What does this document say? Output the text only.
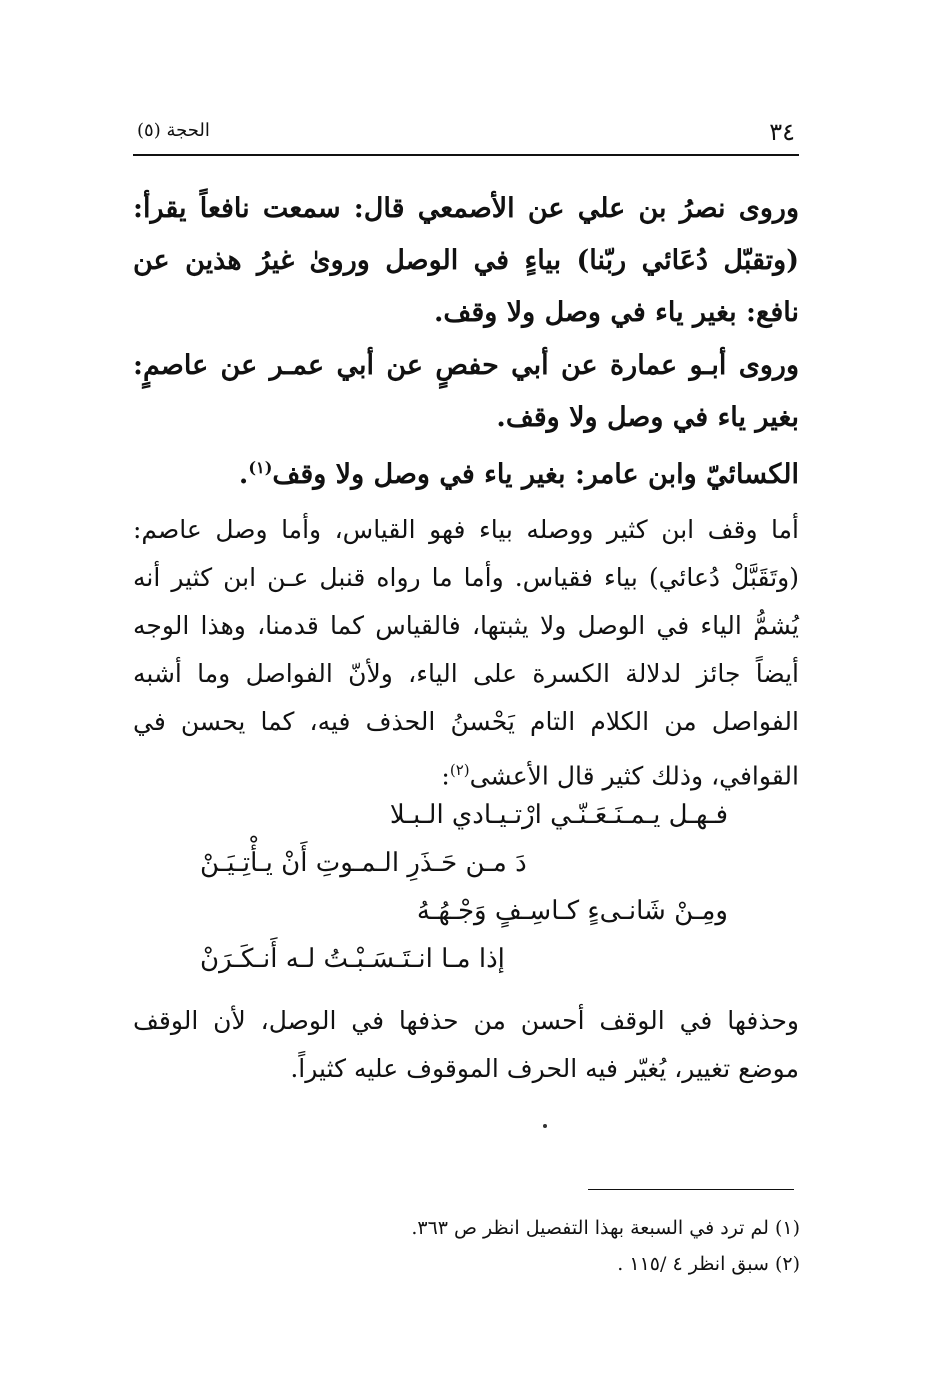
٣٤
الحجة (٥)
وروى نصرُ بن علي عن الأصمعي قال: سمعت نافعاً يقرأ: (وتقبّل دُعَائي ربّنا) بياءٍ في الوصل وروىٰ غيرُ هذين عن نافع: بغير ياء في وصل ولا وقف.
وروى أبـو عمارة عن أبي حفصٍ عن أبي عمـر عن عاصمٍ: بغير ياء في وصل ولا وقف.
الكسائيّ وابن عامر: بغير ياء في وصل ولا وقف$^{(١)}$.
أما وقف ابن كثير ووصله بياء فهو القياس، وأما وصل عاصم: (وتَقَبَّلْ دُعائي) بياء فقياس. وأما ما رواه قنبل عـن ابن كثير أنه يُشمُّ الياء في الوصل ولا يثبتها، فالقياس كما قدمنا، وهذا الوجه أيضاً جائز لدلالة الكسرة على الياء، ولأنّ الفواصل وما أشبه الفواصل من الكلام التام يَحْسنُ الحذف فيه، كما يحسن في القوافي، وذلك كثير قال الأعشى$^{(٢)}$:
فـهـل يـمـنَـعَـنّـي ارْتـيـادي الـبـلا
دَ مـن حَـذَرِ الـمـوتِ أَنْ يـأْتِـيَـنْ
ومِـنْ شَانـىءٍ كـاسِـفٍ وَجْـهُـهُ
إذا مـا انـتَـسَـبْـتُ لـه أَنـكَـرَنْ
وحذفها في الوقف أحسن من حذفها في الوصل، لأن الوقف موضع تغيير، يُغيّر فيه الحرف الموقوف عليه كثيراً.
(١) لم ترد في السبعة بهذا التفصيل انظر ص ٣٦٣.
(٢) سبق انظر ٤ /١١٥ .
